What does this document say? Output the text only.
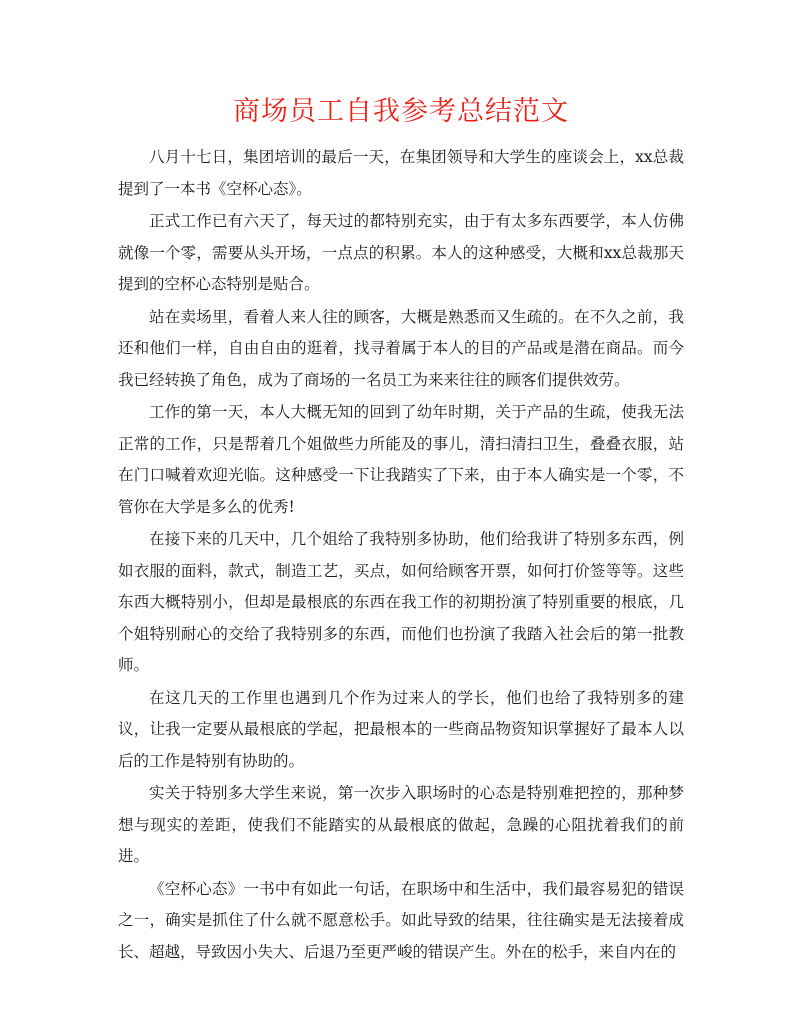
商场员工自我参考总结范文

八月十七日，集团培训的最后一天，在集团领导和大学生的座谈会上，xx总裁提到了一本书《空杯心态》。

正式工作已有六天了，每天过的都特别充实，由于有太多东西要学，本人仿佛就像一个零，需要从头开场，一点点的积累。本人的这种感受，大概和xx总裁那天提到的空杯心态特别是贴合。

站在卖场里，看着人来人往的顾客，大概是熟悉而又生疏的。在不久之前，我还和他们一样，自由自由的逛着，找寻着属于本人的目的产品或是潜在商品。而今我已经转换了角色，成为了商场的一名员工为来来往往的顾客们提供效劳。

工作的第一天，本人大概无知的回到了幼年时期，关于产品的生疏，使我无法正常的工作，只是帮着几个姐做些力所能及的事儿，清扫清扫卫生，叠叠衣服，站在门口喊着欢迎光临。这种感受一下让我踏实了下来，由于本人确实是一个零，不管你在大学是多么的优秀!

在接下来的几天中，几个姐给了我特别多协助，他们给我讲了特别多东西，例如衣服的面料，款式，制造工艺，买点，如何给顾客开票，如何打价签等等。这些东西大概特别小，但却是最根底的东西在我工作的初期扮演了特别重要的根底，几个姐特别耐心的交给了我特别多的东西，而他们也扮演了我踏入社会后的第一批教师。

在这几天的工作里也遇到几个作为过来人的学长，他们也给了我特别多的建议，让我一定要从最根底的学起，把最根本的一些商品物资知识掌握好了最本人以后的工作是特别有协助的。

实关于特别多大学生来说，第一次步入职场时的心态是特别难把控的，那种梦想与现实的差距，使我们不能踏实的从最根底的做起，急躁的心阻扰着我们的前进。

《空杯心态》一书中有如此一句话，在职场中和生活中，我们最容易犯的错误之一，确实是抓住了什么就不愿意松手。如此导致的结果，往往确实是无法接着成长、超越，导致因小失大、后退乃至更严峻的错误产生。外在的松手，来自内在的
